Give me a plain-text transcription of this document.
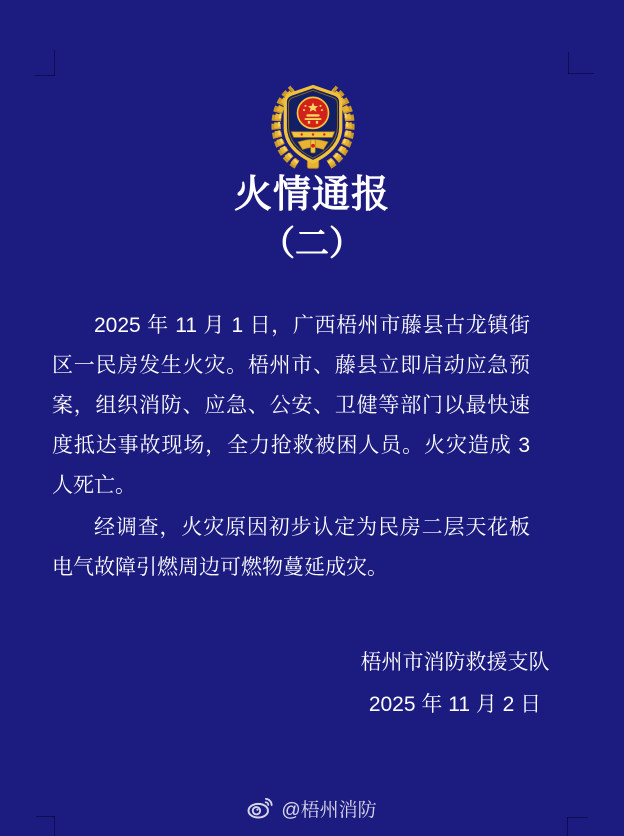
火情通报
（二）

2025 年 11 月 1 日，广西梧州市藤县古龙镇街区一民房发生火灾。梧州市、藤县立即启动应急预案，组织消防、应急、公安、卫健等部门以最快速度抵达事故现场，全力抢救被困人员。火灾造成 3 人死亡。

经调查，火灾原因初步认定为民房二层天花板电气故障引燃周边可燃物蔓延成灾。

梧州市消防救援支队
2025 年 11 月 2 日
@梧州消防
